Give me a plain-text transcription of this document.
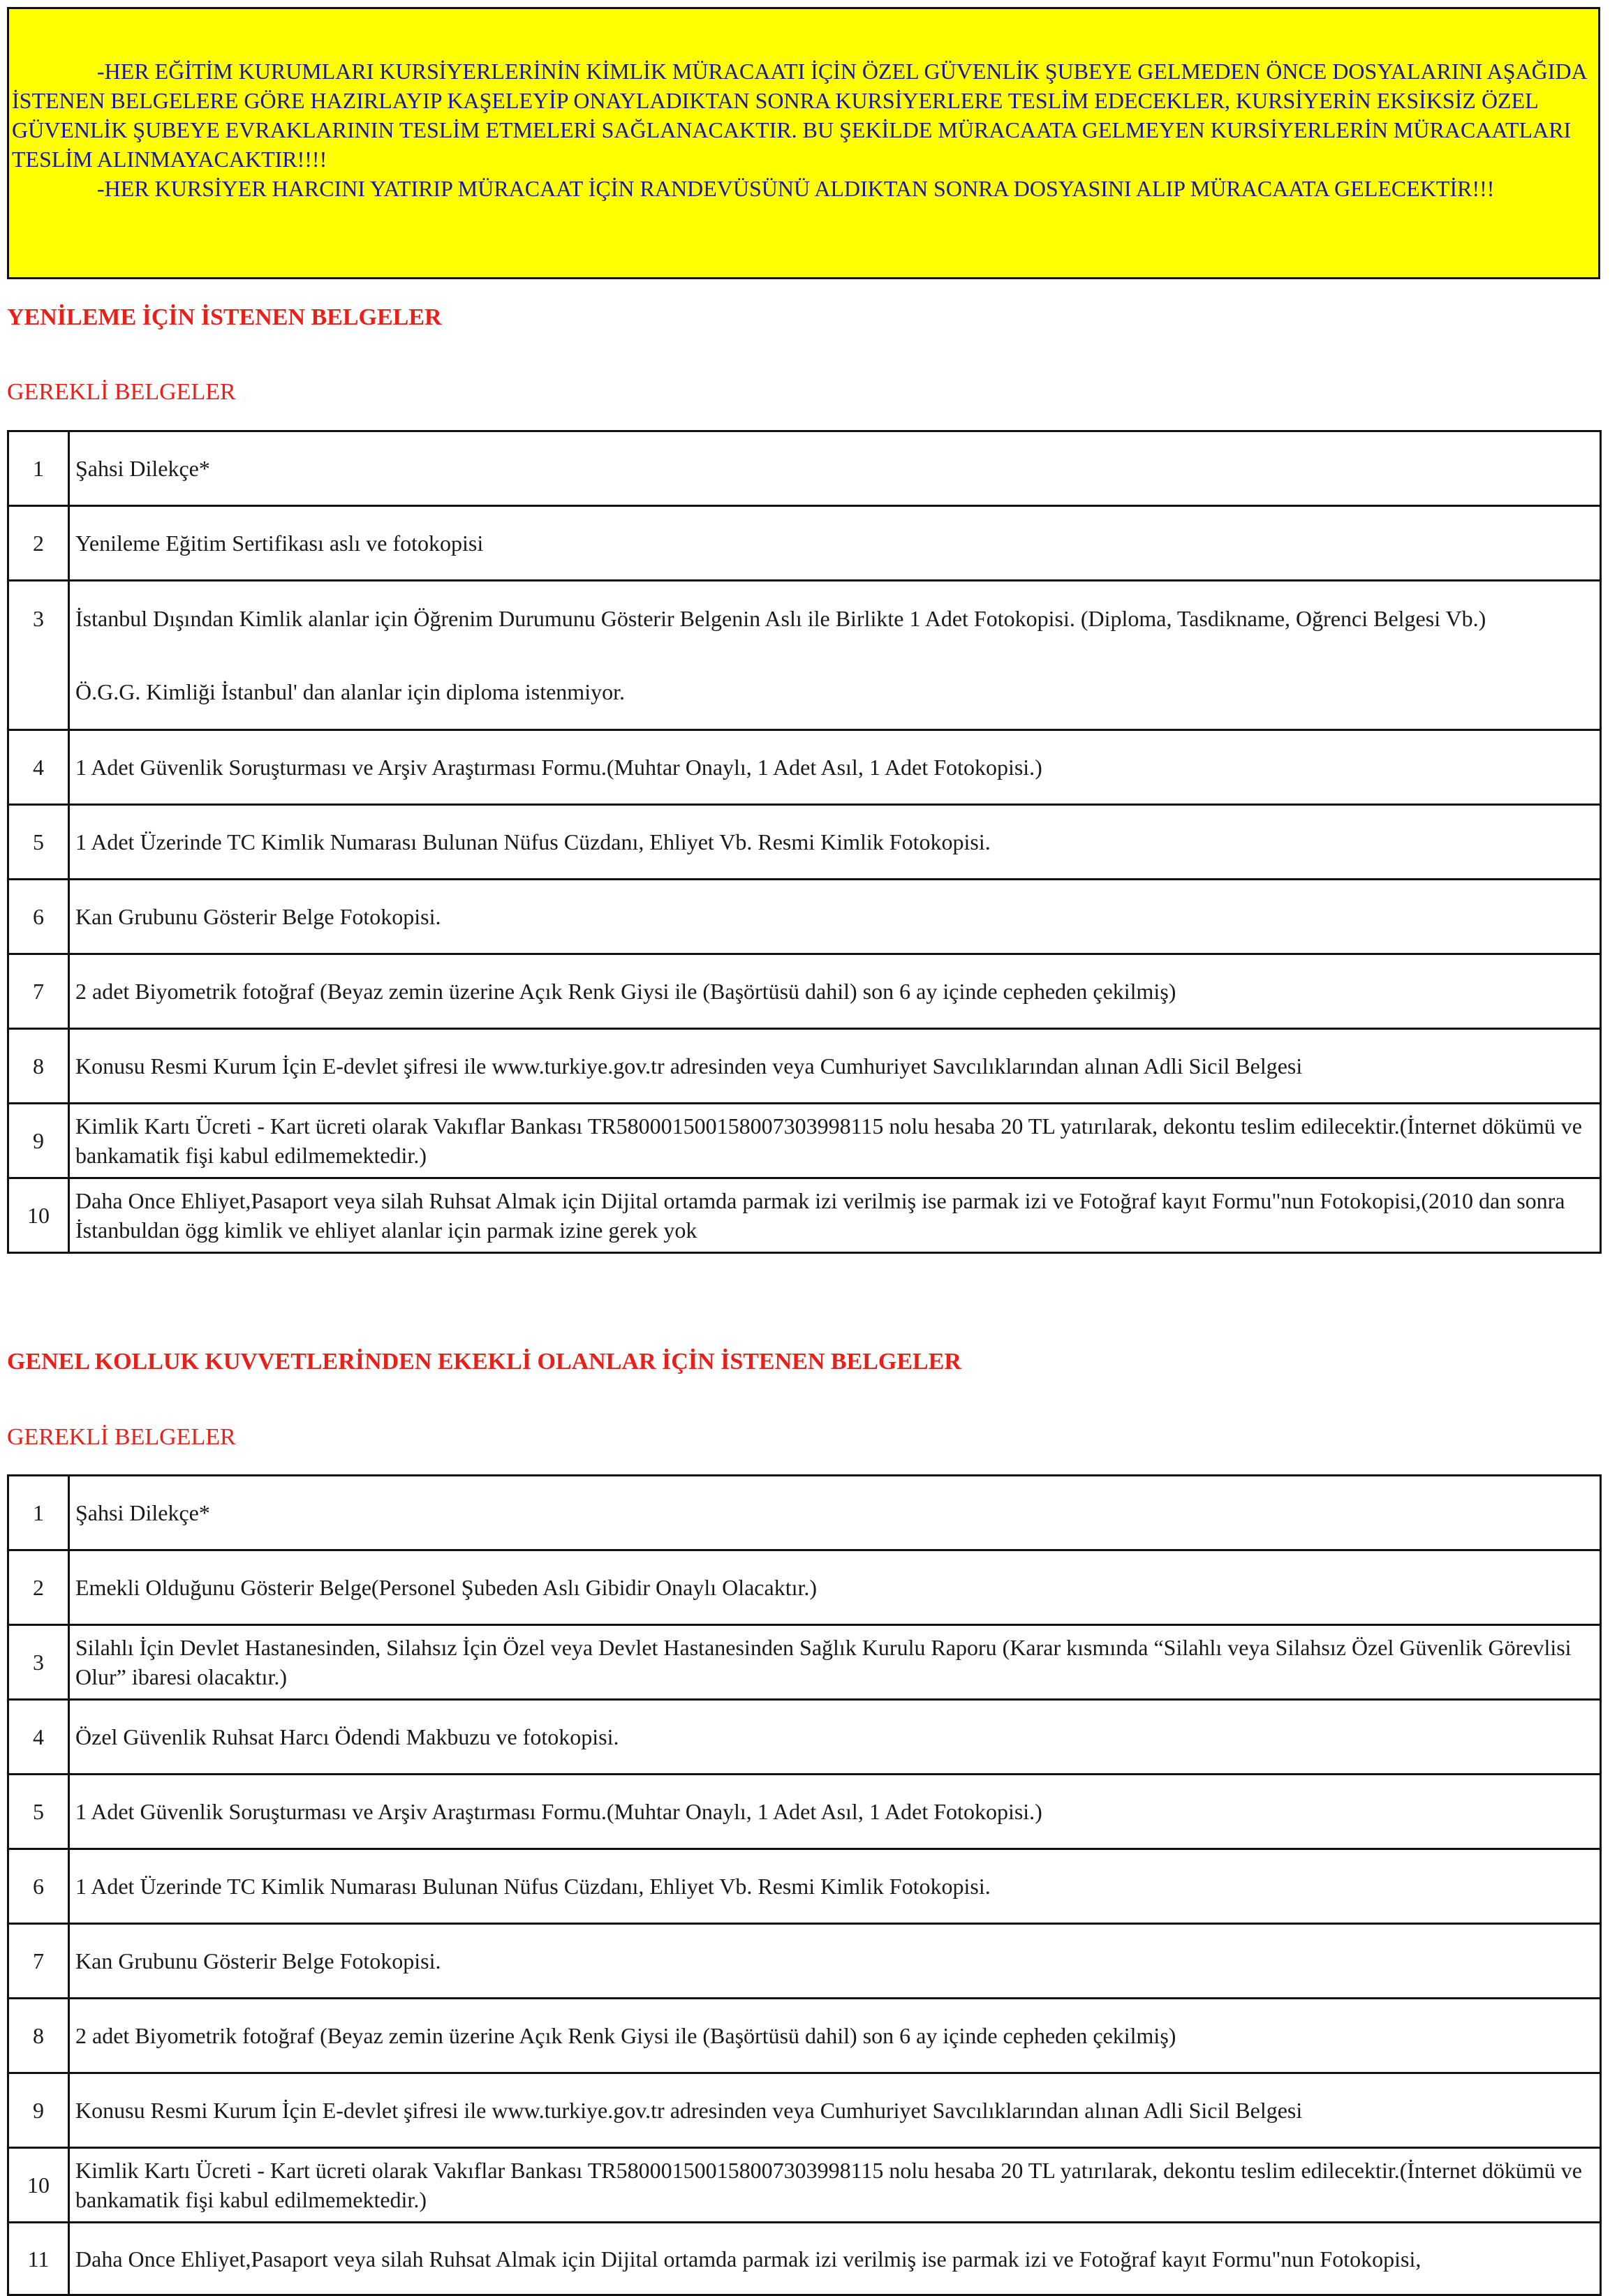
-HER EĞİTİM KURUMLARI KURSİYERLERİNİN KİMLİK MÜRACAATI İÇİN ÖZEL GÜVENLİK ŞUBEYE GELMEDEN ÖNCE DOSYALARINI AŞAĞIDA İSTENEN BELGELERE GÖRE HAZIRLAYIP KAŞELEYİP ONAYLADIKTAN SONRA KURSİYERLERE TESLİM EDECEKLER, KURSİYERİN EKSİKSİZ ÖZEL GÜVENLİK ŞUBEYE EVRAKLARININ TESLİM ETMELERİ SAĞLANACAKTIR. BU ŞEKİLDE MÜRACAATA GELMEYEN KURSİYERLERİN MÜRACAATLARI TESLİM ALINMAYACAKTIR!!!!

-HER KURSİYER HARCINI YATIRIP MÜRACAAT İÇİN RANDEVÜSÜNÜ ALDIKTAN SONRA DOSYASINI ALIP MÜRACAATA GELECEKTİR!!!

YENİLEME İÇİN İSTENEN BELGELER
GEREKLİ BELGELER
1	Şahsi Dilekçe*
2	Yenileme Eğitim Sertifikası aslı ve fotokopisi
3	İstanbul Dışından Kimlik alanlar için Öğrenim Durumunu Gösterir Belgenin Aslı ile Birlikte 1 Adet Fotokopisi. (Diploma, Tasdikname, Oğrenci Belgesi Vb.)
	Ö.G.G. Kimliği İstanbul' dan alanlar için diploma istenmiyor.
4	1 Adet Güvenlik Soruşturması ve Arşiv Araştırması Formu.(Muhtar Onaylı, 1 Adet Asıl, 1 Adet Fotokopisi.)
5	1 Adet Üzerinde TC Kimlik Numarası Bulunan Nüfus Cüzdanı, Ehliyet Vb. Resmi Kimlik Fotokopisi.
6	Kan Grubunu Gösterir Belge Fotokopisi.
7	2 adet Biyometrik fotoğraf (Beyaz zemin üzerine Açık Renk Giysi ile (Başörtüsü dahil) son 6 ay içinde cepheden çekilmiş)
8	Konusu Resmi Kurum İçin E-devlet şifresi ile www.turkiye.gov.tr adresinden veya Cumhuriyet Savcılıklarından alınan Adli Sicil Belgesi
9	Kimlik Kartı Ücreti - Kart ücreti olarak Vakıflar Bankası TR580001500158007303998115 nolu hesaba 20 TL yatırılarak, dekontu teslim edilecektir.(İnternet dökümü ve bankamatik fişi kabul edilmemektedir.)
10	Daha Once Ehliyet,Pasaport veya silah Ruhsat Almak için Dijital ortamda parmak izi verilmiş ise parmak izi ve Fotoğraf kayıt Formu"nun Fotokopisi,(2010 dan sonra İstanbuldan ögg kimlik ve ehliyet alanlar için parmak izine gerek yok
GENEL KOLLUK KUVVETLERİNDEN EKEKLİ OLANLAR İÇİN İSTENEN BELGELER
GEREKLİ BELGELER
1	Şahsi Dilekçe*
2	Emekli Olduğunu Gösterir Belge(Personel Şubeden Aslı Gibidir Onaylı Olacaktır.)
3	Silahlı İçin Devlet Hastanesinden, Silahsız İçin Özel veya Devlet Hastanesinden Sağlık Kurulu Raporu (Karar kısmında “Silahlı veya Silahsız Özel Güvenlik Görevlisi Olur” ibaresi olacaktır.)
4	Özel Güvenlik Ruhsat Harcı Ödendi Makbuzu ve fotokopisi.
5	1 Adet Güvenlik Soruşturması ve Arşiv Araştırması Formu.(Muhtar Onaylı, 1 Adet Asıl, 1 Adet Fotokopisi.)
6	1 Adet Üzerinde TC Kimlik Numarası Bulunan Nüfus Cüzdanı, Ehliyet Vb. Resmi Kimlik Fotokopisi.
7	Kan Grubunu Gösterir Belge Fotokopisi.
8	2 adet Biyometrik fotoğraf (Beyaz zemin üzerine Açık Renk Giysi ile (Başörtüsü dahil) son 6 ay içinde cepheden çekilmiş)
9	Konusu Resmi Kurum İçin E-devlet şifresi ile www.turkiye.gov.tr adresinden veya Cumhuriyet Savcılıklarından alınan Adli Sicil Belgesi
10	Kimlik Kartı Ücreti - Kart ücreti olarak Vakıflar Bankası TR580001500158007303998115 nolu hesaba 20 TL yatırılarak, dekontu teslim edilecektir.(İnternet dökümü ve bankamatik fişi kabul edilmemektedir.)
11	Daha Once Ehliyet,Pasaport veya silah Ruhsat Almak için Dijital ortamda parmak izi verilmiş ise parmak izi ve Fotoğraf kayıt Formu"nun Fotokopisi,
